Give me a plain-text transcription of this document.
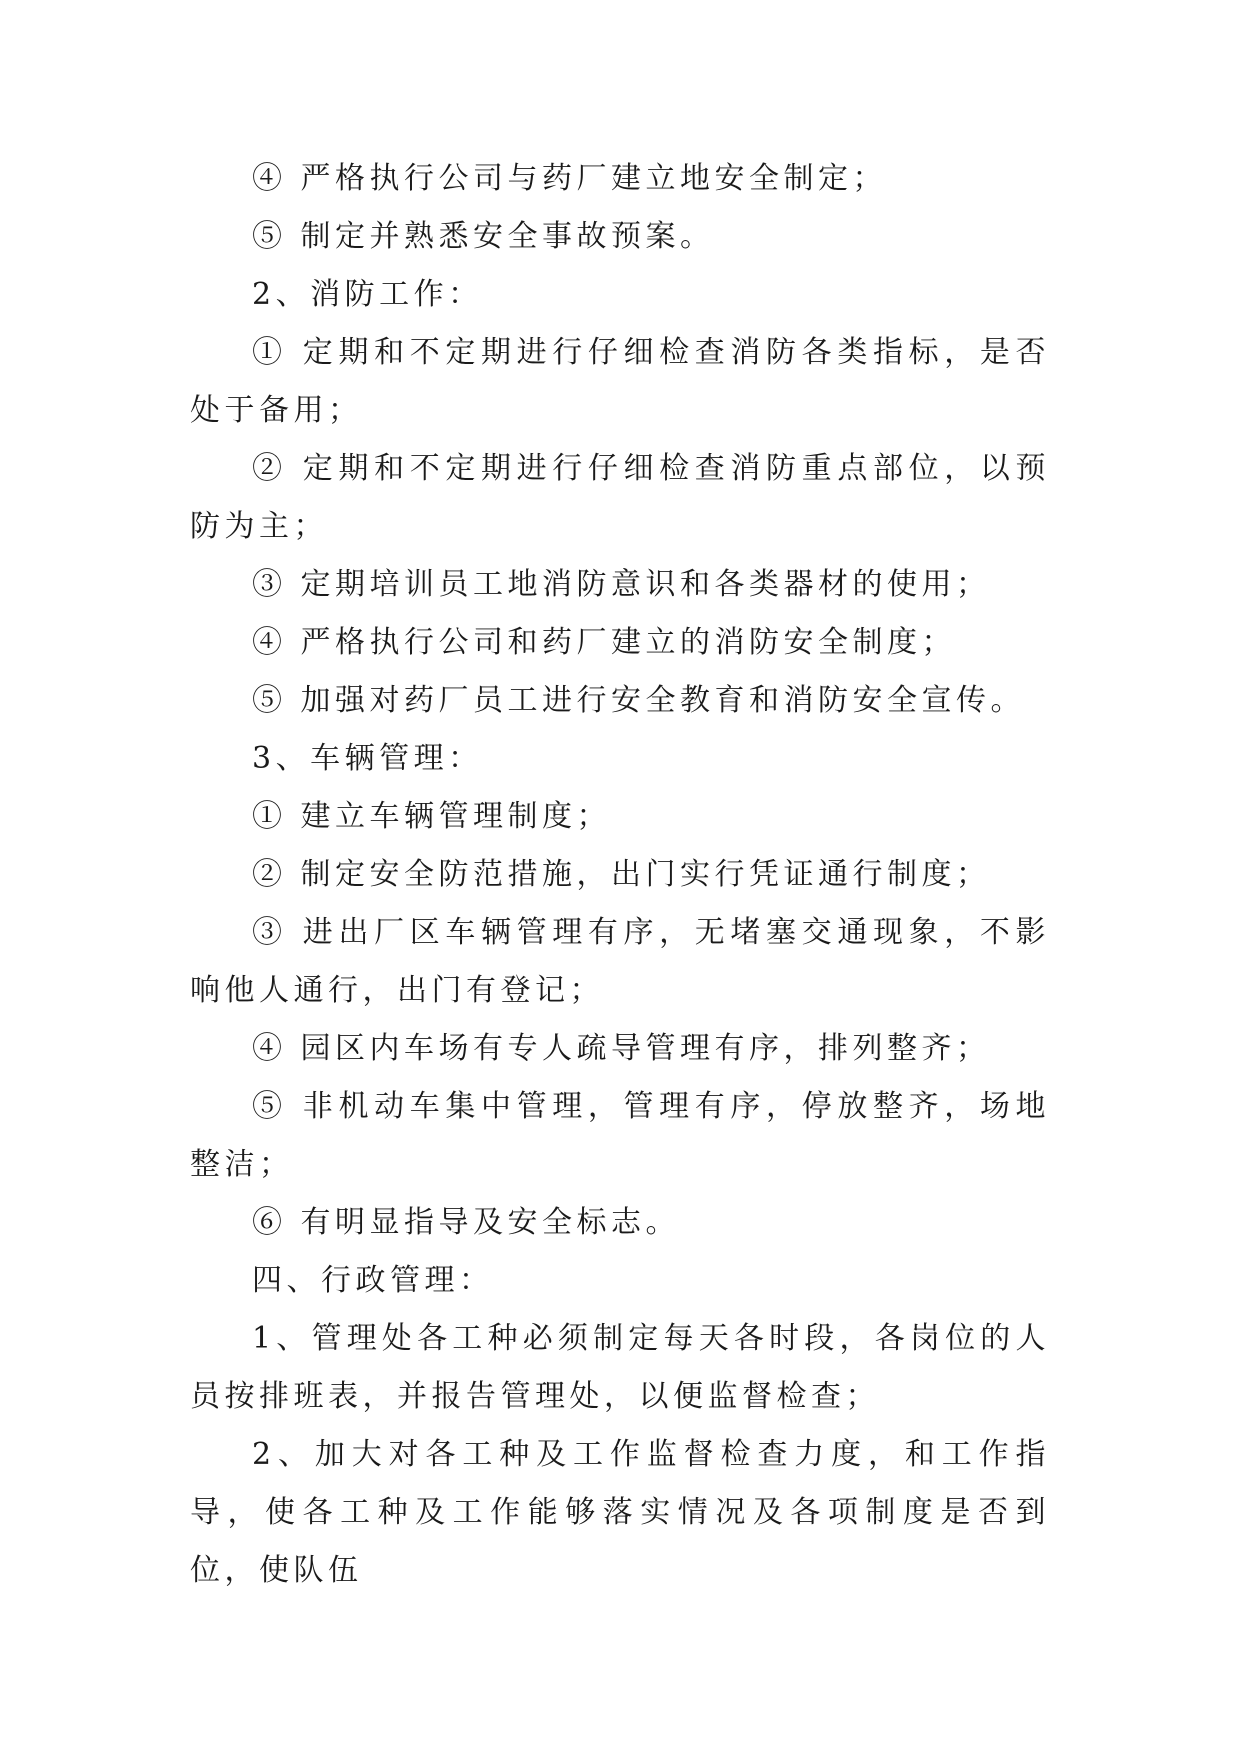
④ 严格执行公司与药厂建立地安全制定；

⑤ 制定并熟悉安全事故预案。

2、消防工作：

① 定期和不定期进行仔细检查消防各类指标，是否处于备用；

② 定期和不定期进行仔细检查消防重点部位，以预防为主；

③ 定期培训员工地消防意识和各类器材的使用；

④ 严格执行公司和药厂建立的消防安全制度；

⑤ 加强对药厂员工进行安全教育和消防安全宣传。

3、车辆管理：

① 建立车辆管理制度；

② 制定安全防范措施，出门实行凭证通行制度；

③ 进出厂区车辆管理有序，无堵塞交通现象，不影响他人通行，出门有登记；

④ 园区内车场有专人疏导管理有序，排列整齐；

⑤ 非机动车集中管理，管理有序，停放整齐，场地整洁；

⑥ 有明显指导及安全标志。

四、行政管理：

1、管理处各工种必须制定每天各时段，各岗位的人员按排班表，并报告管理处，以便监督检查；

2、加大对各工种及工作监督检查力度，和工作指导，使各工种及工作能够落实情况及各项制度是否到位，使队伍
